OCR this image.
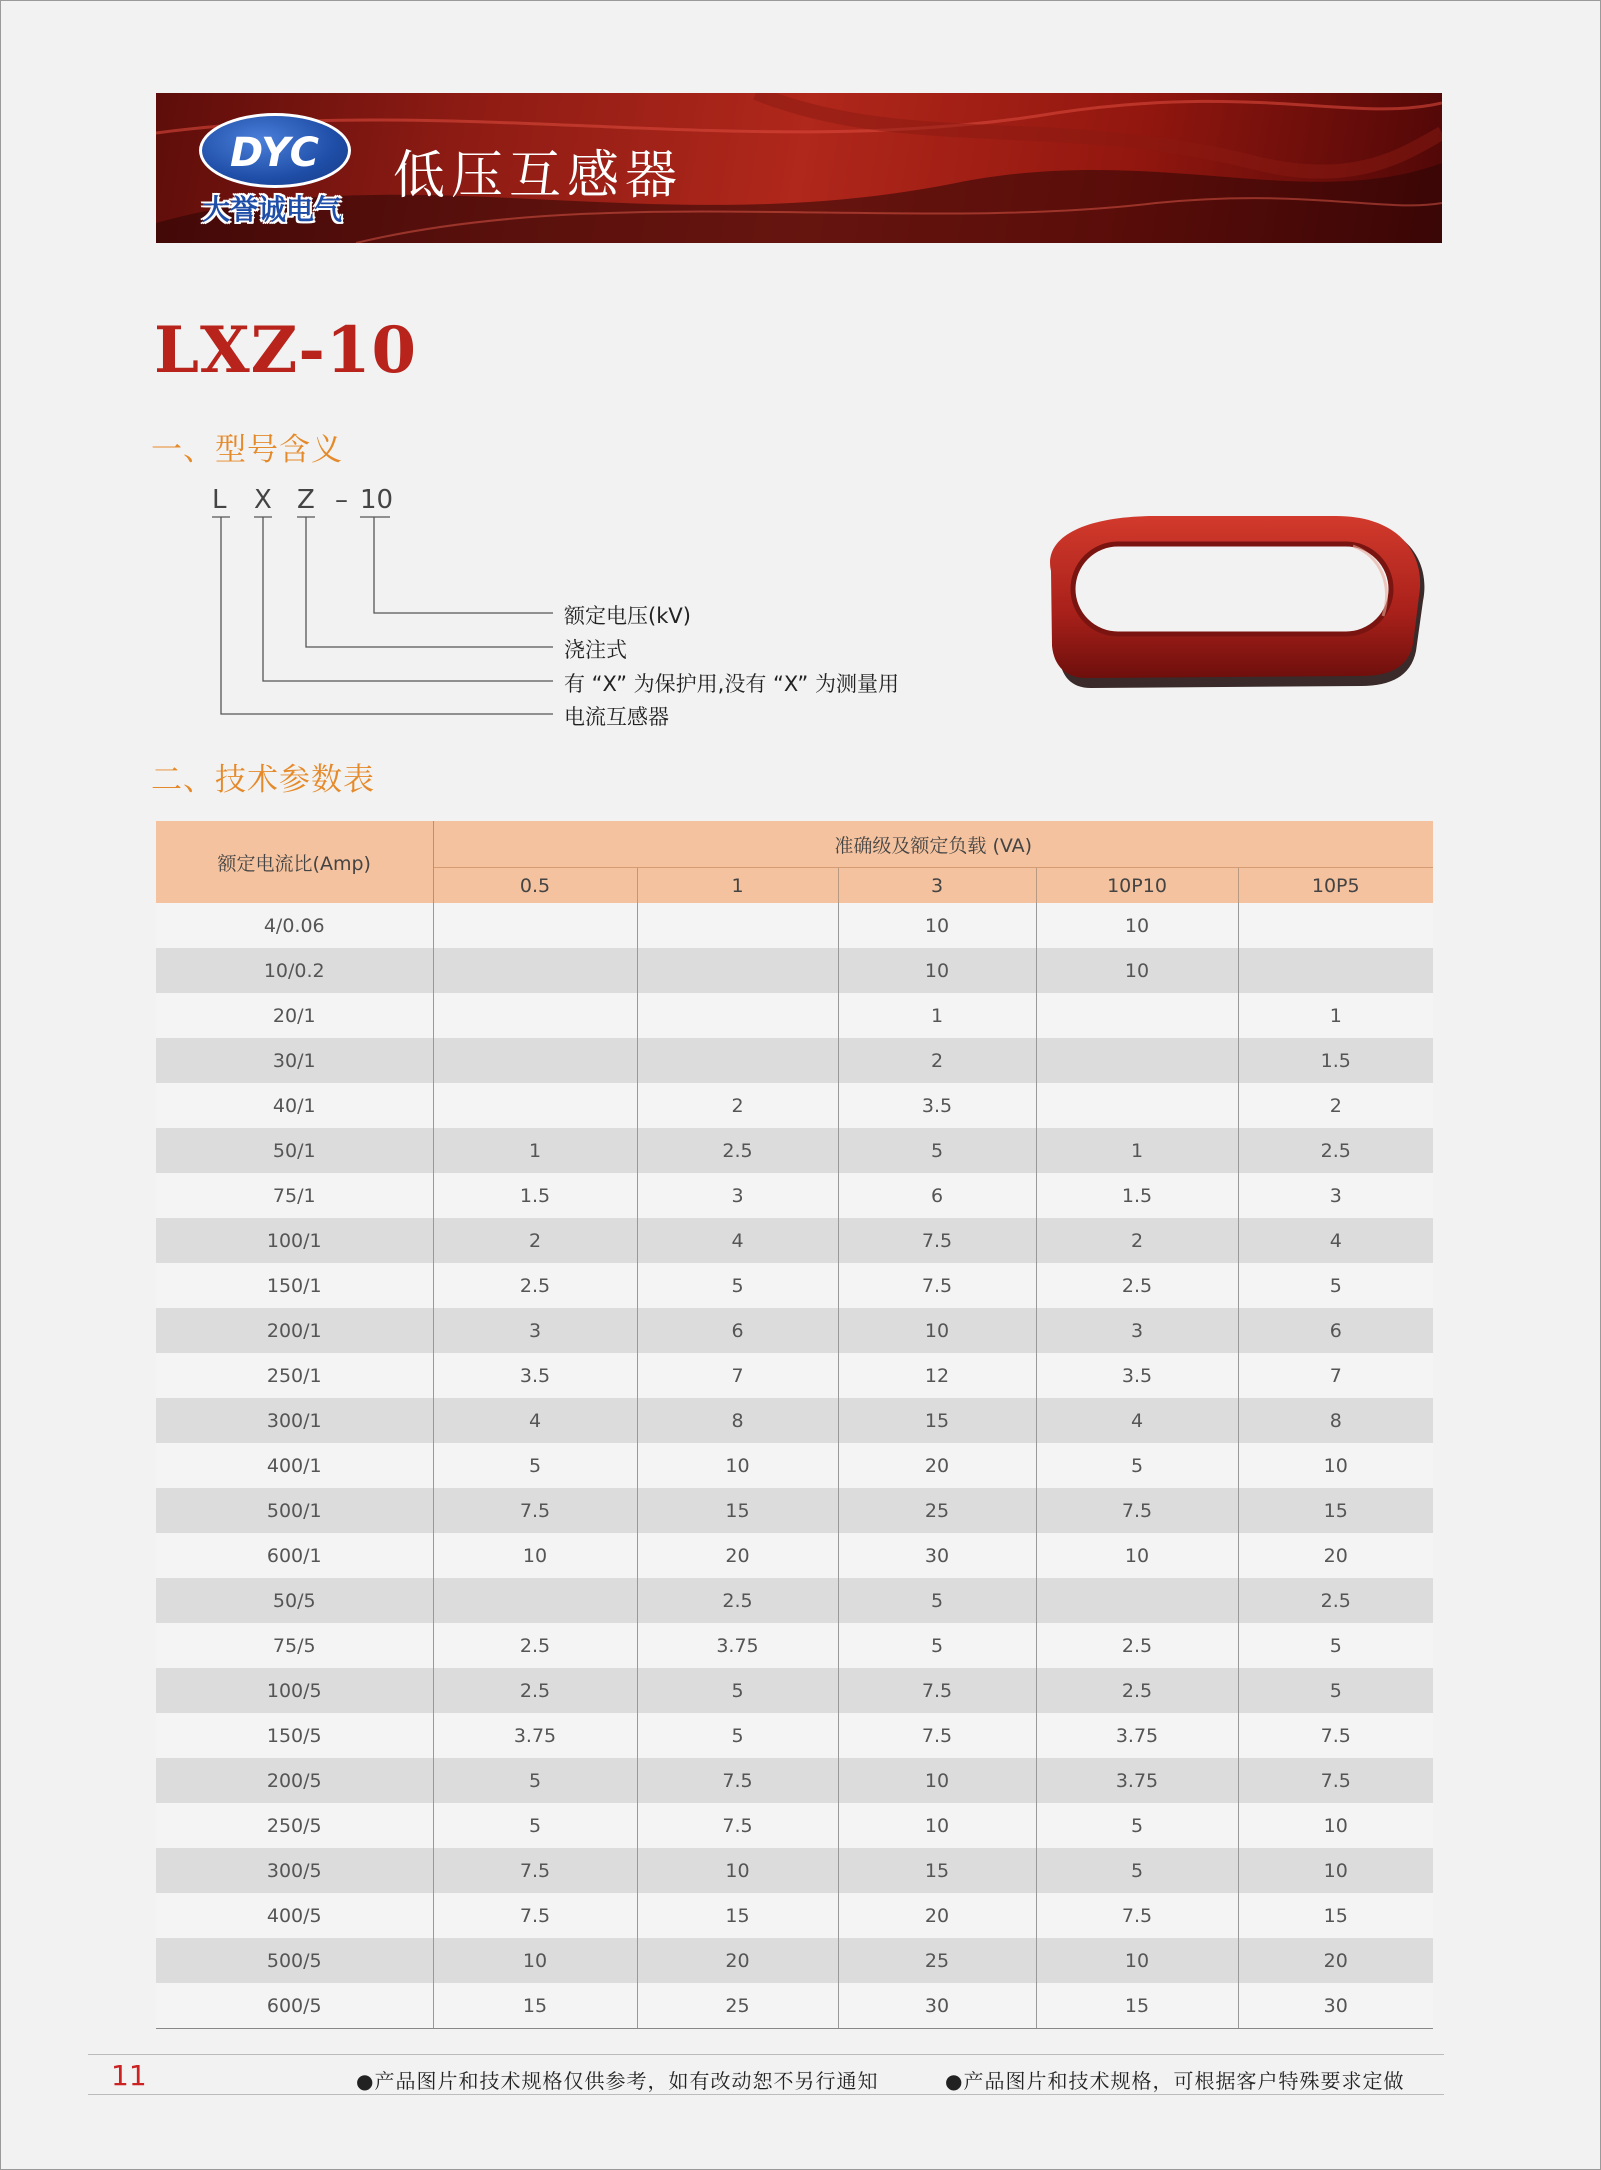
DYC
大誉诚电气
低压互感器
LXZ-10
一、型号含义
L X Z – 10
额定电压(kV)
浇注式
有 “X” 为保护用,没有 “X” 为测量用
电流互感器
二、技术参数表
额定电流比(Amp)	准确级及额定负载 (VA)				
	0.5	1	3	10P10	10P5
4/0.06			10	10	
10/0.2			10	10	
20/1			1		1
30/1			2		1.5
40/1		2	3.5		2
50/1	1	2.5	5	1	2.5
75/1	1.5	3	6	1.5	3
100/1	2	4	7.5	2	4
150/1	2.5	5	7.5	2.5	5
200/1	3	6	10	3	6
250/1	3.5	7	12	3.5	7
300/1	4	8	15	4	8
400/1	5	10	20	5	10
500/1	7.5	15	25	7.5	15
600/1	10	20	30	10	20
50/5		2.5	5		2.5
75/5	2.5	3.75	5	2.5	5
100/5	2.5	5	7.5	2.5	5
150/5	3.75	5	7.5	3.75	7.5
200/5	5	7.5	10	3.75	7.5
250/5	5	7.5	10	5	10
300/5	7.5	10	15	5	10
400/5	7.5	15	20	7.5	15
500/5	10	20	25	10	20
600/5	15	25	30	15	30
11	●产品图片和技术规格仅供参考，如有改动恕不另行通知	●产品图片和技术规格，可根据客户特殊要求定做
